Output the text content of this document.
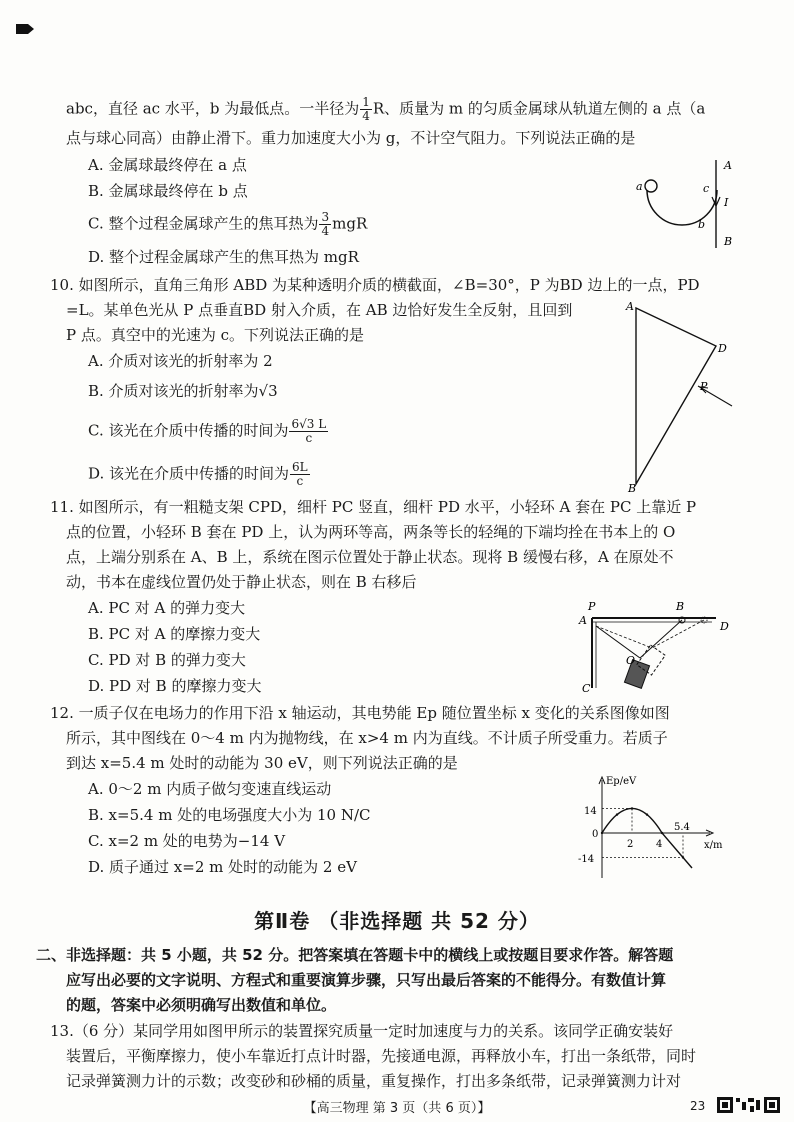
abc，直径 ac 水平，b 为最低点。一半径为 $\frac{1}{4}$ R、质量为 m 的匀质金属球从轨道左侧的 a 点（a
点与球心同高）由静止滑下。重力加速度大小为 g，不计空气阻力。下列说法正确的是
A. 金属球最终停在 a 点
B. 金属球最终停在 b 点
C. 整个过程金属球产生的焦耳热为 $\frac{3}{4}$ mgR
D. 整个过程金属球产生的焦耳热为 mgR
a
b
c
A
I
B
10. 如图所示，直角三角形 ABD 为某种透明介质的横截面，∠B=30°，P 为BD 边上的一点，PD
=L。某单色光从 P 点垂直BD 射入介质，在 AB 边恰好发生全反射，且回到
P 点。真空中的光速为 c。下列说法正确的是
A. 介质对该光的折射率为 2
B. 介质对该光的折射率为√3
C. 该光在介质中传播的时间为 $\frac{6√3 L}{c}$
D. 该光在介质中传播的时间为 $\frac{6L}{c}$
A
D
P
B
11. 如图所示，有一粗糙支架 CPD，细杆 PC 竖直，细杆 PD 水平，小轻环 A 套在 PC 上靠近 P
点的位置，小轻环 B 套在 PD 上，认为两环等高，两条等长的轻绳的下端均拴在书本上的 O
点，上端分别系在 A、B 上，系统在图示位置处于静止状态。现将 B 缓慢右移，A 在原处不
动，书本在虚线位置仍处于静止状态，则在 B 右移后
A. PC 对 A 的弹力变大
B. PC 对 A 的摩擦力变大
C. PD 对 B 的弹力变大
D. PD 对 B 的摩擦力变大
P
A
B
D
O
C
12. 一质子仅在电场力的作用下沿 x 轴运动，其电势能 Ep 随位置坐标 x 变化的关系图像如图
所示，其中图线在 0～4 m 内为抛物线，在 x>4 m 内为直线。不计质子所受重力。若质子
到达 x=5.4 m 处时的动能为 30 eV，则下列说法正确的是
A. 0～2 m 内质子做匀变速直线运动
B. x=5.4 m 处的电场强度大小为 10 N/C
C. x=2 m 处的电势为−14 V
D. 质子通过 x=2 m 处时的动能为 2 eV
Ep/eV
x/m
14
0
-14
2 4
5.4
第Ⅱ卷 （非选择题 共 52 分）
二、非选择题：共 5 小题，共 52 分。把答案填在答题卡中的横线上或按题目要求作答。解答题
应写出必要的文字说明、方程式和重要演算步骤，只写出最后答案的不能得分。有数值计算
的题，答案中必须明确写出数值和单位。
13.（6 分）某同学用如图甲所示的装置探究质量一定时加速度与力的关系。该同学正确安装好
装置后，平衡摩擦力，使小车靠近打点计时器，先接通电源，再释放小车，打出一条纸带，同时
记录弹簧测力计的示数；改变砂和砂桶的质量，重复操作，打出多条纸带，记录弹簧测力计对
【高三物理 第 3 页（共 6 页）】	23
